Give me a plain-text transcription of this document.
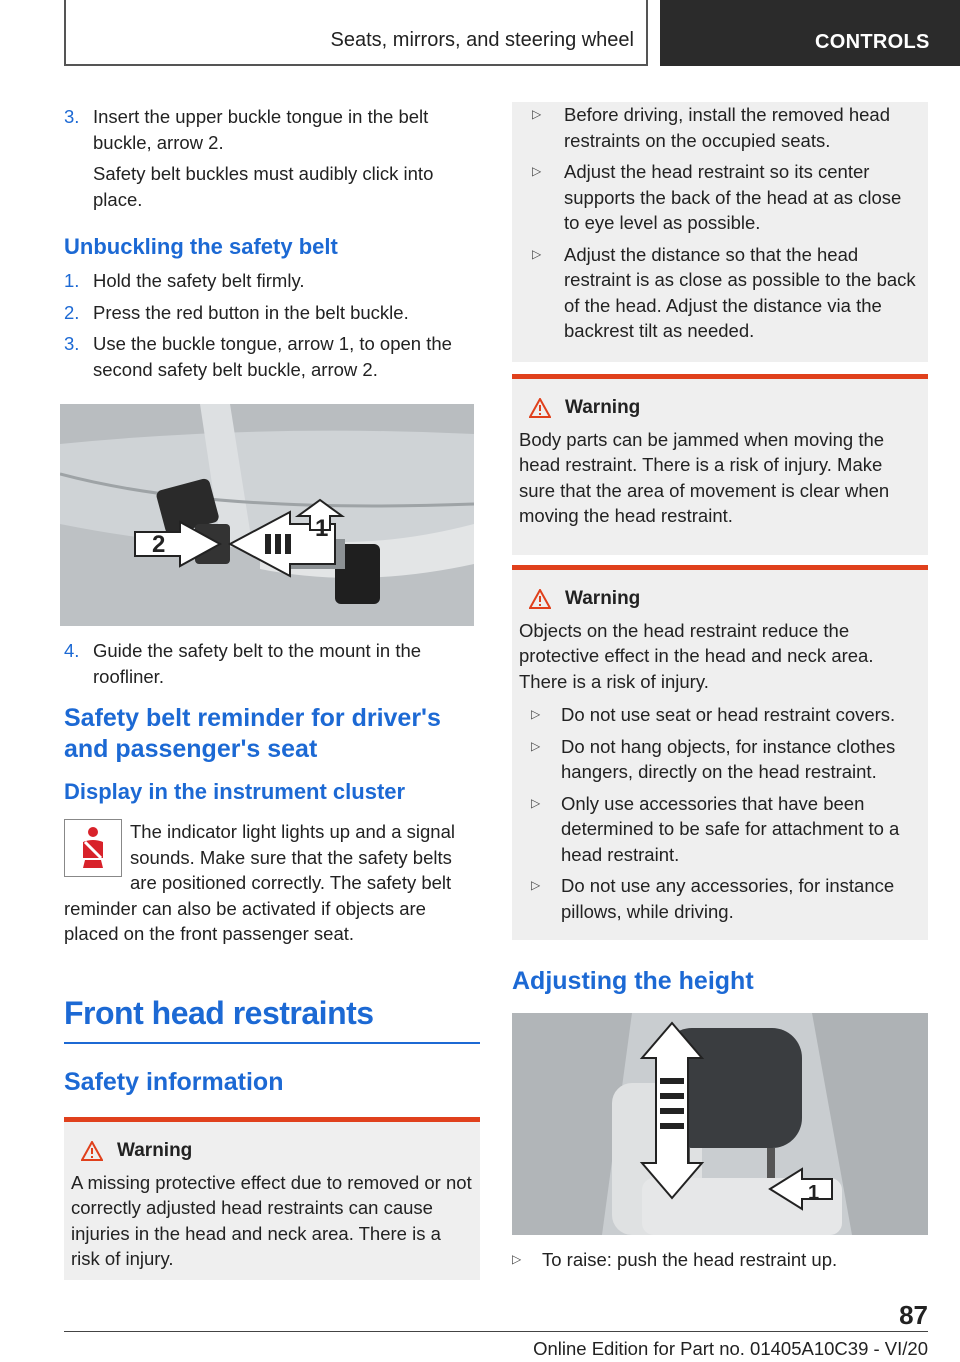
Seats, mirrors, and steering wheel	CONTROLS
3. Insert the upper buckle tongue in the belt buckle, arrow 2.
Safety belt buckles must audibly click into place.
Unbuckling the safety belt
1. Hold the safety belt firmly.
2. Press the red button in the belt buckle.
3. Use the buckle tongue, arrow 1, to open the second safety belt buckle, arrow 2.
1
2
4. Guide the safety belt to the mount in the roofliner.
Safety belt reminder for driver's and passenger's seat
Display in the instrument cluster
The indicator light lights up and a signal sounds. Make sure that the safety belts are positioned correctly. The safety belt reminder can also be activated if objects are placed on the front passenger seat.
Front head restraints
Safety information
Warning
A missing protective effect due to removed or not correctly adjusted head restraints can cause injuries in the head and neck area. There is a risk of injury.
▷	Before driving, install the removed head restraints on the occupied seats.
▷	Adjust the head restraint so its center supports the back of the head at as close to eye level as possible.
▷	Adjust the distance so that the head restraint is as close as possible to the back of the head. Adjust the distance via the backrest tilt as needed.
Warning
Body parts can be jammed when moving the head restraint. There is a risk of injury. Make sure that the area of movement is clear when moving the head restraint.
Warning
Objects on the head restraint reduce the protective effect in the head and neck area. There is a risk of injury.
▷	Do not use seat or head restraint covers.
▷	Do not hang objects, for instance clothes hangers, directly on the head restraint.
▷	Only use accessories that have been determined to be safe for attachment to a head restraint.
▷	Do not use any accessories, for instance pillows, while driving.
Adjusting the height
1
▷	To raise: push the head restraint up.
87
Online Edition for Part no. 01405A10C39 - VI/20
